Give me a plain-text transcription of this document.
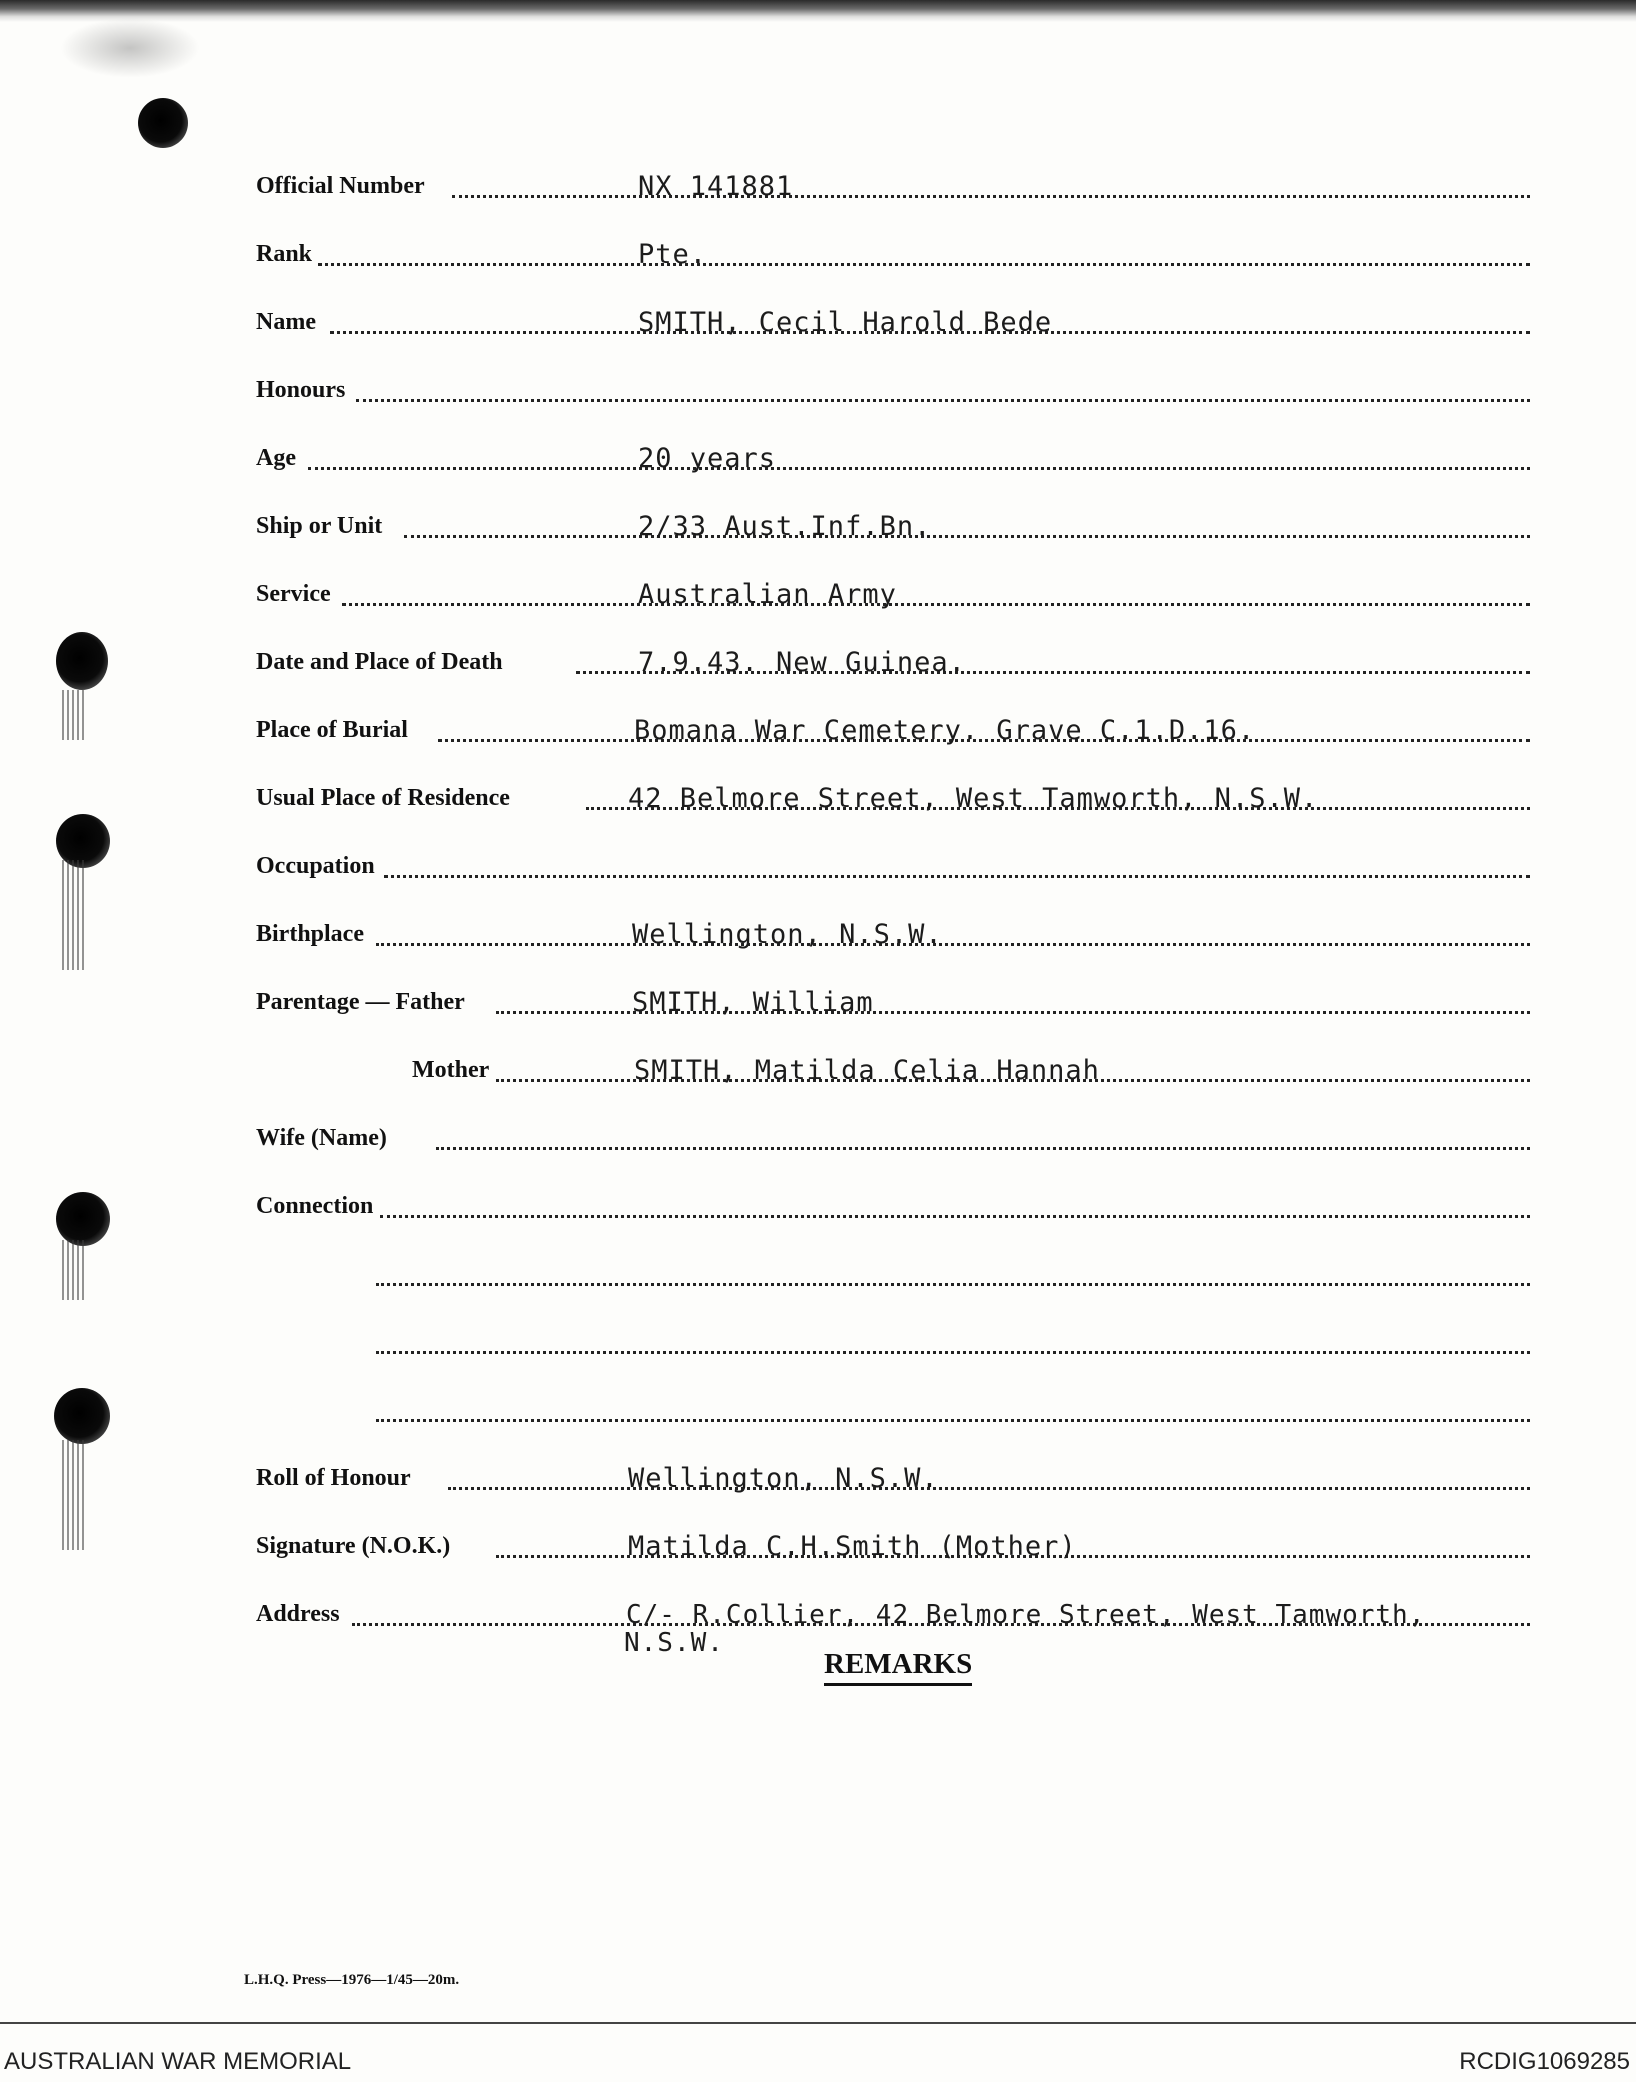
Official Number	NX 141881
Rank	Pte.
Name	SMITH, Cecil Harold Bede
Honours
Age	20 years
Ship or Unit	2/33 Aust.Inf.Bn.
Service	Australian Army
Date and Place of Death	7.9.43. New Guinea.
Place of Burial	Bomana War Cemetery. Grave C.1.D.16.
Usual Place of Residence	42 Belmore Street, West Tamworth, N.S.W.
Occupation
Birthplace	Wellington, N.S.W.
Parentage — Father	SMITH, William
Mother	SMITH, Matilda Celia Hannah
Wife (Name)
Connection
Roll of Honour	Wellington, N.S.W.
Signature (N.O.K.)	Matilda C.H.Smith (Mother)
Address	C/- R.Collier, 42 Belmore Street, West Tamworth,
N.S.W.
REMARKS
L.H.Q. Press—1976—1/45—20m.
AUSTRALIAN WAR MEMORIAL	RCDIG1069285
